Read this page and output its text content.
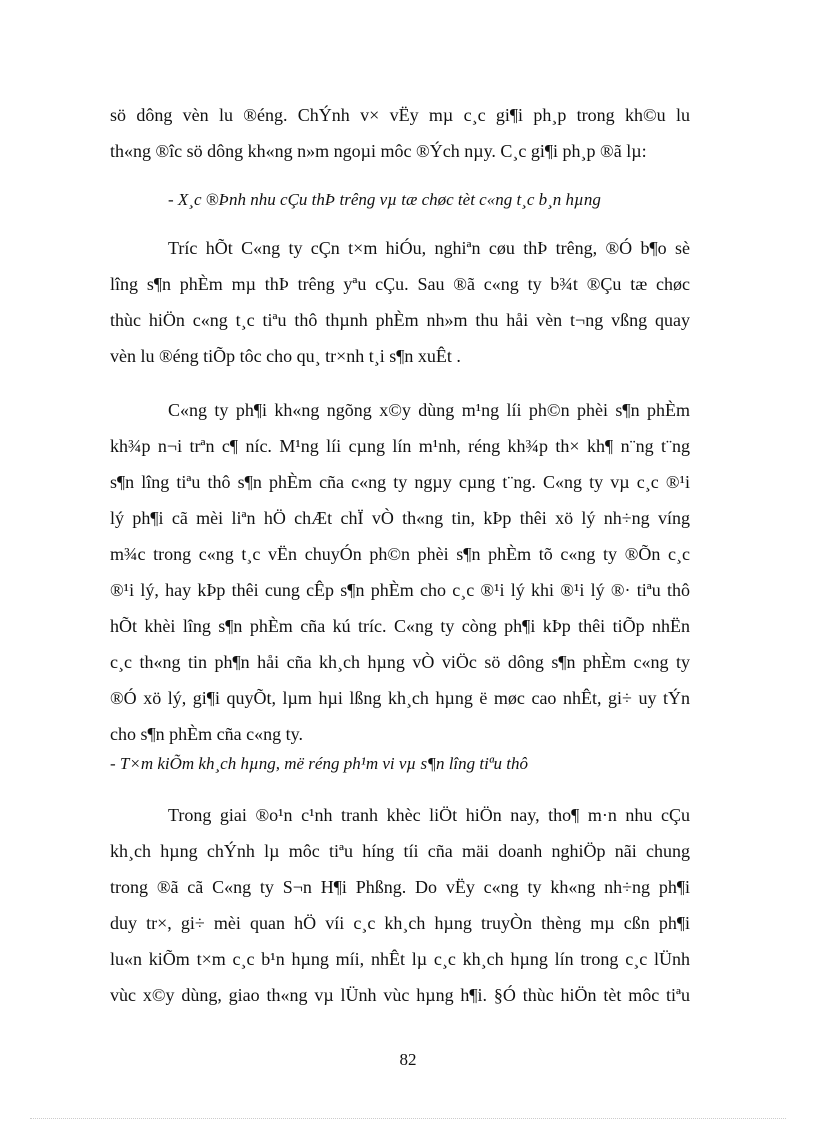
sö dông vèn lu ®éng. ChÝnh v× vËy mµ c¸c gi¶i ph¸p trong kh©u lu
th«ng ®îc sö dông kh«ng n»m ngoµi môc ®Ých nµy. C¸c gi¶i ph¸p ®ã lµ:
- X¸c ®Þnh nhu cÇu thÞ trêng vµ tæ chøc tèt c«ng t¸c b¸n hµng
Tríc hÕt C«ng ty cÇn t×m hiÓu, nghiªn cøu thÞ trêng, ®Ó b¶o sè
lîng s¶n phÈm mµ thÞ trêng yªu cÇu. Sau ®ã c«ng ty b¾t ®Çu tæ chøc
thùc hiÖn c«ng t¸c tiªu thô thµnh phÈm nh»m thu håi vèn t¬ng vßng quay
vèn lu ®éng tiÕp tôc cho qu¸ tr×nh t¸i s¶n xuÊt .
C«ng ty ph¶i kh«ng ngõng x©y dùng m¹ng líi ph©n phèi s¶n phÈm
kh¾p n¬i trªn c¶ níc. M¹ng líi cµng lín m¹nh, réng kh¾p th× kh¶ n¨ng t¨ng
s¶n lîng tiªu thô s¶n phÈm cña c«ng ty ngµy cµng t¨ng. C«ng ty vµ c¸c ®¹i
lý ph¶i cã mèi liªn hÖ chÆt chÏ vÒ th«ng tin, kÞp thêi xö lý nh÷ng víng
m¾c trong c«ng t¸c vËn chuyÓn ph©n phèi s¶n phÈm tõ c«ng ty ®Õn c¸c
®¹i lý, hay kÞp thêi cung cÊp s¶n phÈm cho c¸c ®¹i lý khi ®¹i lý ®· tiªu thô
hÕt khèi lîng s¶n phÈm cña kú tríc. C«ng ty còng ph¶i kÞp thêi tiÕp nhËn
c¸c th«ng tin ph¶n håi cña kh¸ch hµng vÒ viÖc sö dông s¶n phÈm c«ng ty
®Ó xö lý, gi¶i quyÕt, lµm hµi lßng kh¸ch hµng ë møc cao nhÊt, gi÷ uy tÝn
cho s¶n phÈm cña c«ng ty.
- T×m kiÕm kh¸ch hµng, më réng ph¹m vi vµ s¶n lîng tiªu thô
Trong giai ®o¹n c¹nh tranh khèc liÖt hiÖn nay, tho¶ m·n nhu cÇu
kh¸ch hµng chÝnh lµ môc tiªu híng tíi cña mäi doanh nghiÖp nãi chung
trong ®ã cã C«ng ty S¬n H¶i Phßng. Do vËy c«ng ty kh«ng nh÷ng ph¶i
duy tr×, gi÷ mèi quan hÖ víi c¸c kh¸ch hµng truyÒn thèng mµ cßn ph¶i
lu«n kiÕm t×m c¸c b¹n hµng míi, nhÊt lµ c¸c kh¸ch hµng lín trong c¸c lÜnh
vùc x©y dùng, giao th«ng vµ lÜnh vùc hµng h¶i. §Ó thùc hiÖn tèt môc tiªu
82
